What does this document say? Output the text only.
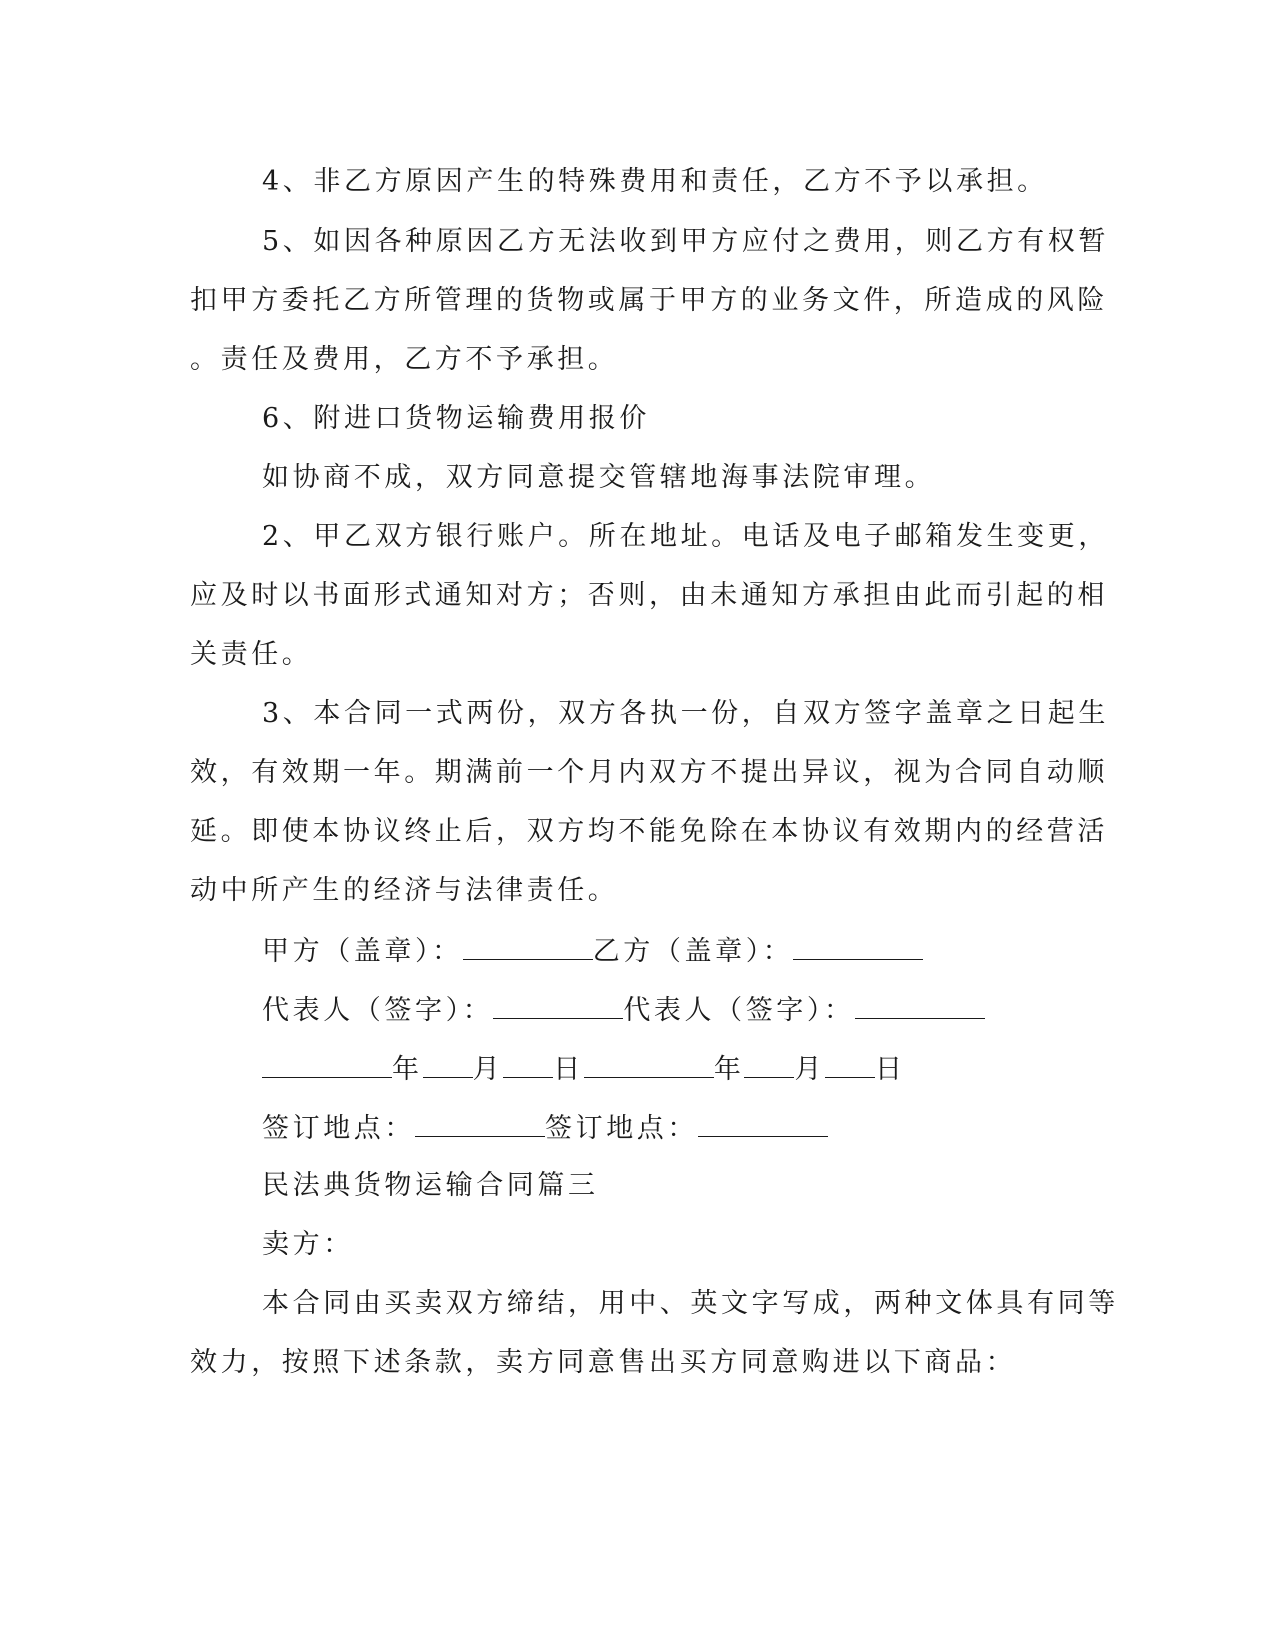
4、非乙方原因产生的特殊费用和责任，乙方不予以承担。
5、如因各种原因乙方无法收到甲方应付之费用，则乙方有权暂
扣甲方委托乙方所管理的货物或属于甲方的业务文件，所造成的风险
。责任及费用，乙方不予承担。
6、附进口货物运输费用报价
如协商不成，双方同意提交管辖地海事法院审理。
2、甲乙双方银行账户。所在地址。电话及电子邮箱发生变更，
应及时以书面形式通知对方；否则，由未通知方承担由此而引起的相
关责任。
3、本合同一式两份，双方各执一份，自双方签字盖章之日起生
效，有效期一年。期满前一个月内双方不提出异议，视为合同自动顺
延。即使本协议终止后，双方均不能免除在本协议有效期内的经营活
动中所产生的经济与法律责任。
甲方（盖章）：	乙方（盖章）：
代表人（签字）：	代表人（签字）：
年 月 日	年 月 日
签订地点：	签订地点：
民法典货物运输合同篇三
卖方：
本合同由买卖双方缔结，用中、英文字写成，两种文体具有同等
效力，按照下述条款，卖方同意售出买方同意购进以下商品：
